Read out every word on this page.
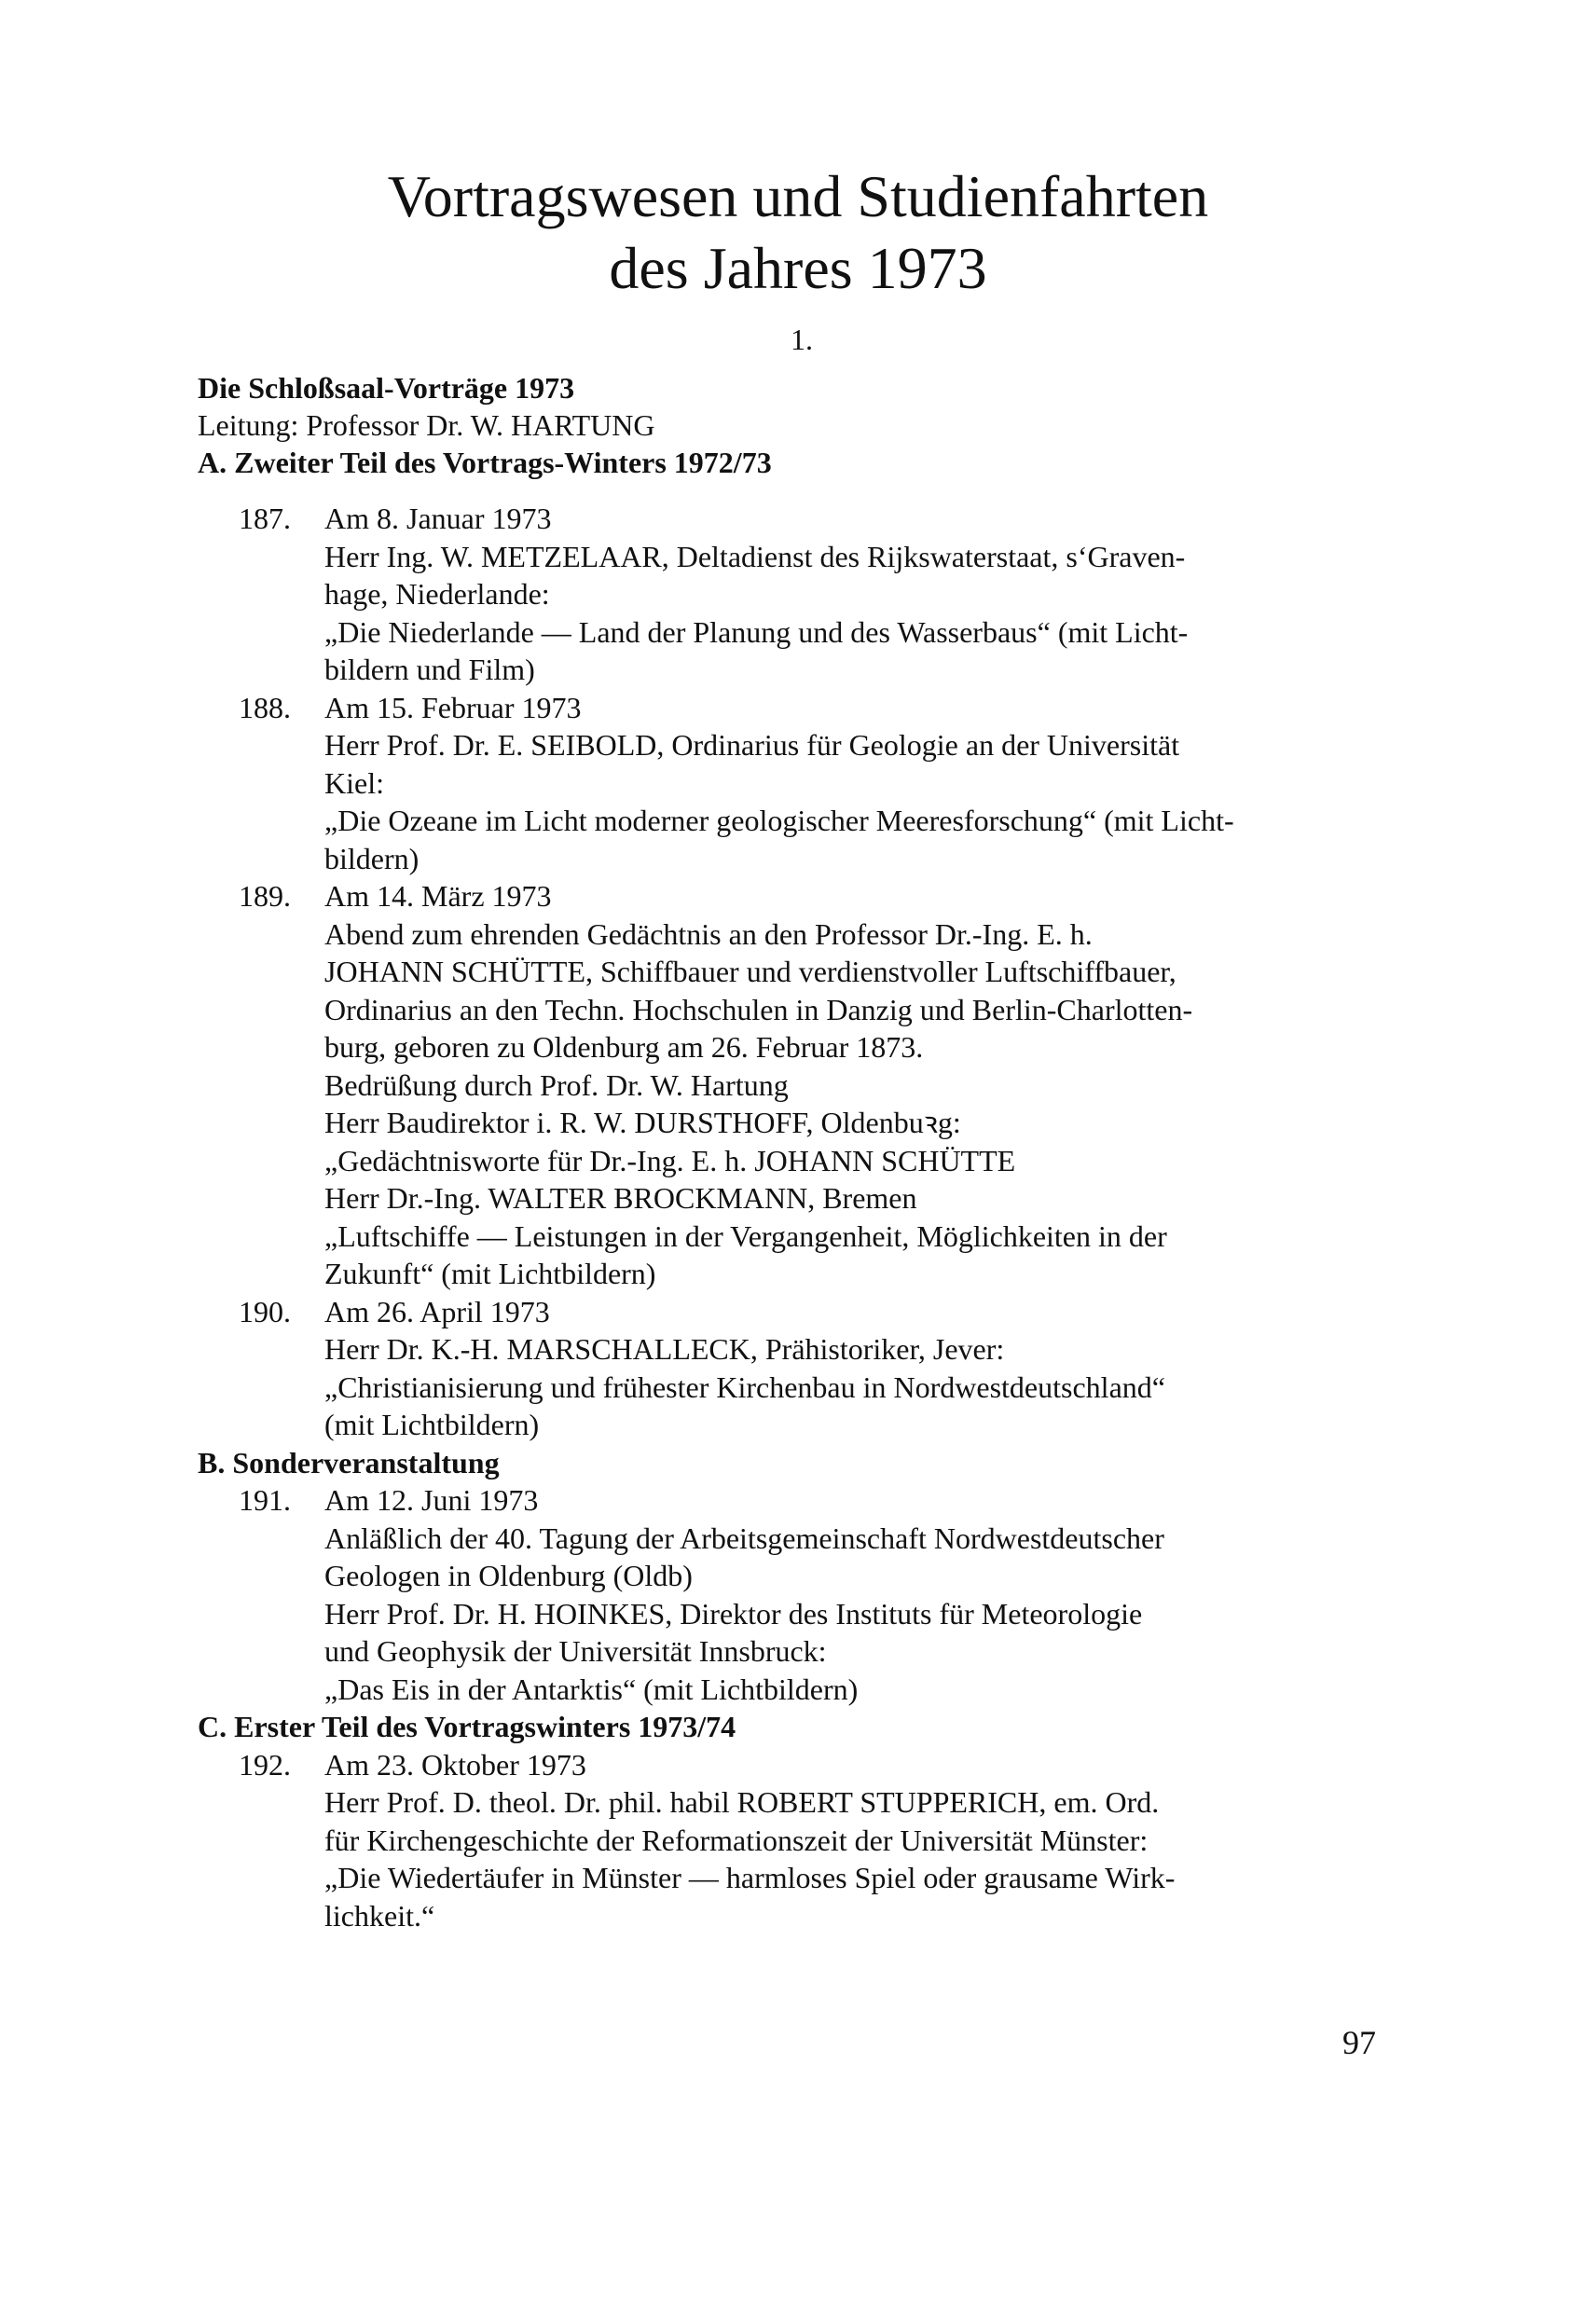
Vortragswesen und Studienfahrten
des Jahres 1973
1.
Die Schloßsaal-Vorträge 1973
Leitung: Professor Dr. W. HARTUNG
A. Zweiter Teil des Vortrags-Winters 1972/73
187. Am 8. Januar 1973
Herr Ing. W. METZELAAR, Deltadienst des Rijkswaterstaat, s‘Graven-
hage, Niederlande:
„Die Niederlande — Land der Planung und des Wasserbaus“ (mit Licht-
bildern und Film)
188. Am 15. Februar 1973
Herr Prof. Dr. E. SEIBOLD, Ordinarius für Geologie an der Universität
Kiel:
„Die Ozeane im Licht moderner geologischer Meeresforschung“ (mit Licht-
bildern)
189. Am 14. März 1973
Abend zum ehrenden Gedächtnis an den Professor Dr.-Ing. E. h.
JOHANN SCHÜTTE, Schiffbauer und verdienstvoller Luftschiffbauer,
Ordinarius an den Techn. Hochschulen in Danzig und Berlin-Charlotten-
burg, geboren zu Oldenburg am 26. Februar 1873.
Bedrüßung durch Prof. Dr. W. Hartung
Herr Baudirektor i. R. W. DURSTHOFF, Oldenbuꝛg:
„Gedächtnisworte für Dr.-Ing. E. h. JOHANN SCHÜTTE
Herr Dr.-Ing. WALTER BROCKMANN, Bremen
„Luftschiffe — Leistungen in der Vergangenheit, Möglichkeiten in der
Zukunft“ (mit Lichtbildern)
190. Am 26. April 1973
Herr Dr. K.-H. MARSCHALLECK, Prähistoriker, Jever:
„Christianisierung und frühester Kirchenbau in Nordwestdeutschland“
(mit Lichtbildern)
B. Sonderveranstaltung
191. Am 12. Juni 1973
Anläßlich der 40. Tagung der Arbeitsgemeinschaft Nordwestdeutscher
Geologen in Oldenburg (Oldb)
Herr Prof. Dr. H. HOINKES, Direktor des Instituts für Meteorologie
und Geophysik der Universität Innsbruck:
„Das Eis in der Antarktis“ (mit Lichtbildern)
C. Erster Teil des Vortragswinters 1973/74
192. Am 23. Oktober 1973
Herr Prof. D. theol. Dr. phil. habil ROBERT STUPPERICH, em. Ord.
für Kirchengeschichte der Reformationszeit der Universität Münster:
„Die Wiedertäufer in Münster — harmloses Spiel oder grausame Wirk-
lichkeit.“
97
